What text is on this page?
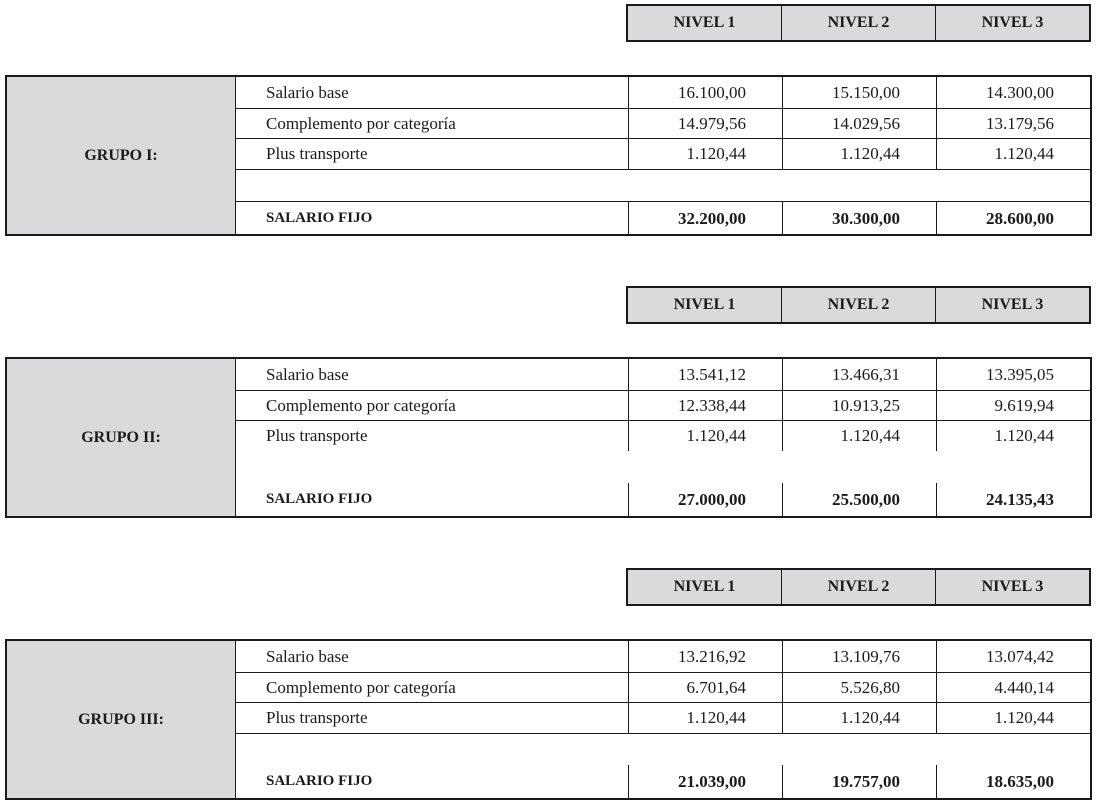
NIVEL 1	NIVEL 2	NIVEL 3
GRUPO I:
Salario base	16.100,00	15.150,00	14.300,00
Complemento por categoría	14.979,56	14.029,56	13.179,56
Plus transporte	1.120,44	1.120,44	1.120,44
SALARIO FIJO	32.200,00	30.300,00	28.600,00
NIVEL 1	NIVEL 2	NIVEL 3
GRUPO II:
Salario base	13.541,12	13.466,31	13.395,05
Complemento por categoría	12.338,44	10.913,25	9.619,94
Plus transporte	1.120,44	1.120,44	1.120,44
SALARIO FIJO	27.000,00	25.500,00	24.135,43
NIVEL 1	NIVEL 2	NIVEL 3
GRUPO III:
Salario base	13.216,92	13.109,76	13.074,42
Complemento por categoría	6.701,64	5.526,80	4.440,14
Plus transporte	1.120,44	1.120,44	1.120,44
SALARIO FIJO	21.039,00	19.757,00	18.635,00
